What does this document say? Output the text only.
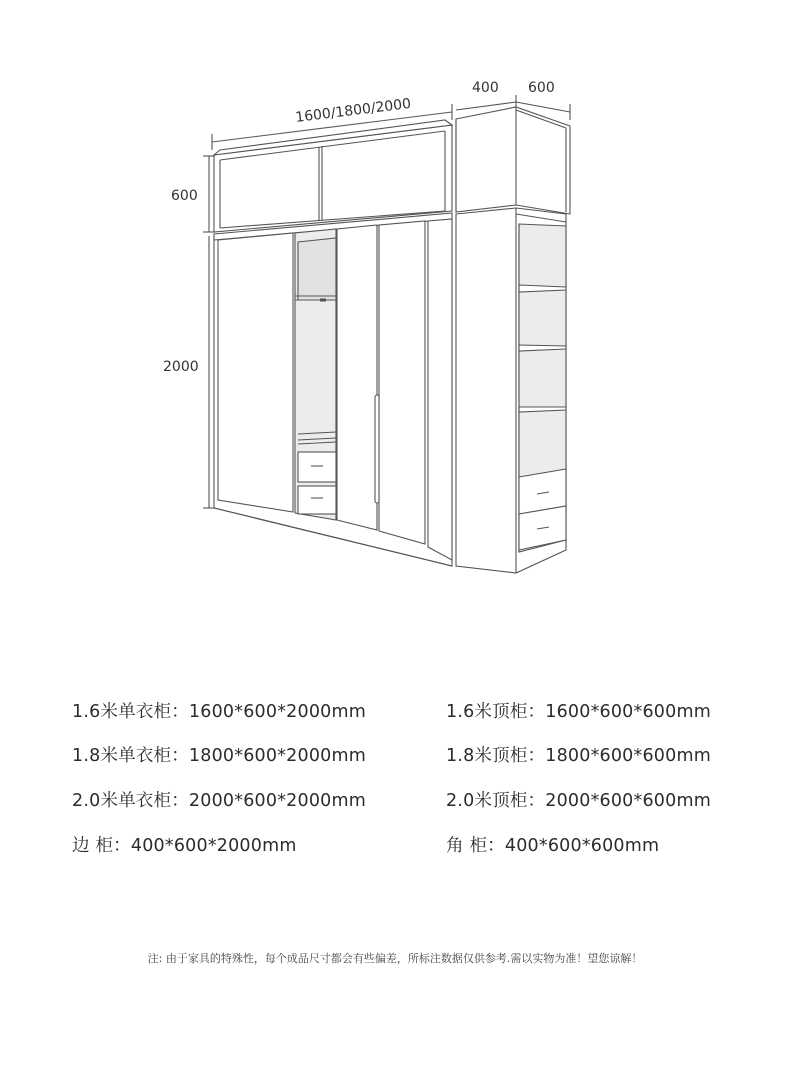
1600/1800/2000
400 600
600
2000
1.6米单衣柜：1600*600*2000mm
1.8米单衣柜：1800*600*2000mm
2.0米单衣柜：2000*600*2000mm
边 柜：400*600*2000mm
1.6米顶柜：1600*600*600mm
1.8米顶柜：1800*600*600mm
2.0米顶柜：2000*600*600mm
角 柜：400*600*600mm
注: 由于家具的特殊性，每个成品尺寸都会有些偏差，所标注数据仅供参考.需以实物为准！望您谅解！
